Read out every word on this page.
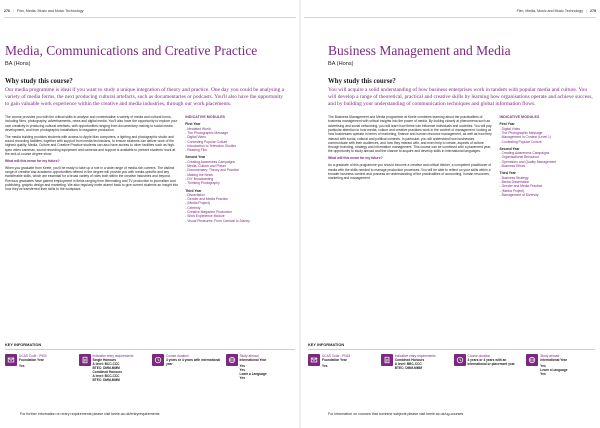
276 | Film, Media, Music and Music Technology
Media, Communications and Creative Practice
BA (Hons)
Why study this course?

Our media programme is ideal if you want to study a unique integration of theory and practice. One day you could be analysing a variety of media forms, the next producing cultural artefacts, such as documentaries or podcasts. You'll also have the opportunity to gain valuable work experience within the creative and media industries, through our work placements.

The course provides you with the critical skills to analyse and contextualise a variety of media and cultural forms, including films, photography, advertisements, news and digital media. You'll also have the opportunity to explore your own creativity in producing cultural artefacts, with opportunities ranging from documentary making to social media development, and from photographic installations to magazine production.

The media building provides students with access to Apple Mac computers, a lighting and photographic studio and sound recording facilities, together with support from media technicians, to ensure students can deliver work of the highest quality. Media, Culture and Creative Practice students can also have access to other facilities such as high-spec video cameras, sound recording equipment and cameras and support is available to present students' work at the end-of-course degree show.

What will this mean for my future?

When you graduate from Keele, you'll be ready to take up a role in a wide range of media-rich careers. The distinct range of creative and academic opportunities offered in the degree will provide you with media-specific and key transferable skills, which are essential for a broad variety of roles both within the creative industries and beyond. Previous graduates have gained employment in fields ranging from filmmaking and TV production to journalism and publishing, graphic design and marketing. We also regularly invite alumni back to give current students an insight into how they've transferred their skills to the workplace.

INDICATIVE MODULES
First Year
- Mediated World
- The Photographic Message
- Digital Video
- Contesting Popular Culture
- Introduction to Television Studies
- Reading Film
Second Year
- Creating Awareness Campaigns
- Media, Culture and Power
- Documentary: Theory and Practice
- Making the News
- DIY Broadcasting
- Thinking Photography
Third Year
- Dissertation
- Gender and Media Practice
- (Media Project)
- Celebrity
- Creative Magazine Production
- Work Experience Module
- Visual Pleasures: From Carnival to Disney
KEY INFORMATION
UCAS Code - P900
Foundation Year
Yes
Indicative entry requirements
Single Honours
A level: BCC-CCC
BTEC: DMM-MMM
Combined Honours
A level: BCC-CCC
BTEC: DMM-MMM
Course duration
3 years or 4 years with international year
Study abroad
International Year
Yes
Yes
Learn a Language
Yes
For further information on entry requirements please visit keele.ac.uk/entryrequirements
Film, Media, Music and Music Technology | 279
Business Management and Media
BA (Hons)
Why study this course?

You will acquire a solid understanding of how business enterprises work in tandem with popular media and culture. You will develop a range of theoretical, practical and creative skills by learning how organisations operate and achieve success, and by building your understanding of communication techniques and global information flows.

The Business Management and Media programme at Keele combines learning about the practicalities of business management with critical insights into the power of media. By looking closely at phenomena such as advertising and social networking, you will learn how these can influence individuals and societies. You will pay particular attention to how media, culture and creative practices work in the context of management, looking at how businesses operate in terms of marketing, finance and human resource management, as well as how they interact with social, cultural and political contexts. In particular, you will understand how businesses communicate with their audiences, and how they interact with, and even help to create, aspects of culture through branding, strategy and information management. This course can be combined with a placement year, the opportunity to study abroad and the chance to acquire and develop skills in international languages.

What will this mean for my future?

As a graduate of this programme you should become a creative and critical thinker, a competent practitioner of media with the skills needed to manage production processes. You will be able to reflect on your skills within a broader business context and possess an understanding of the practicalities of accounting, human resources, marketing and management.

INDICATIVE MODULES
First Year
- Digital Video
- The Photographic Message
- Management in Context (Level 1)
- Contesting Popular Culture
Second Year
- Creating Awareness Campaigns
- Organisational Behaviour
- Operations and Quality Management
- Business Ethics
Third Year
- Business Strategy
- Media Dissertation
- Gender and Media Practice
- (Media Project)
- Management of Diversity
KEY INFORMATION
UCAS Code - PN15
Foundation Year
Yes
Indicative entry requirements
Combined Honours
A level: BBC-CCC
BTEC: DMM-MMM
Course duration
3 years or 4 years with an international or placement year
Study abroad
International Year
Yes
Learn a Language
Yes
For information on courses that combine subjects please visit keele.ac.uk/ug-courses
